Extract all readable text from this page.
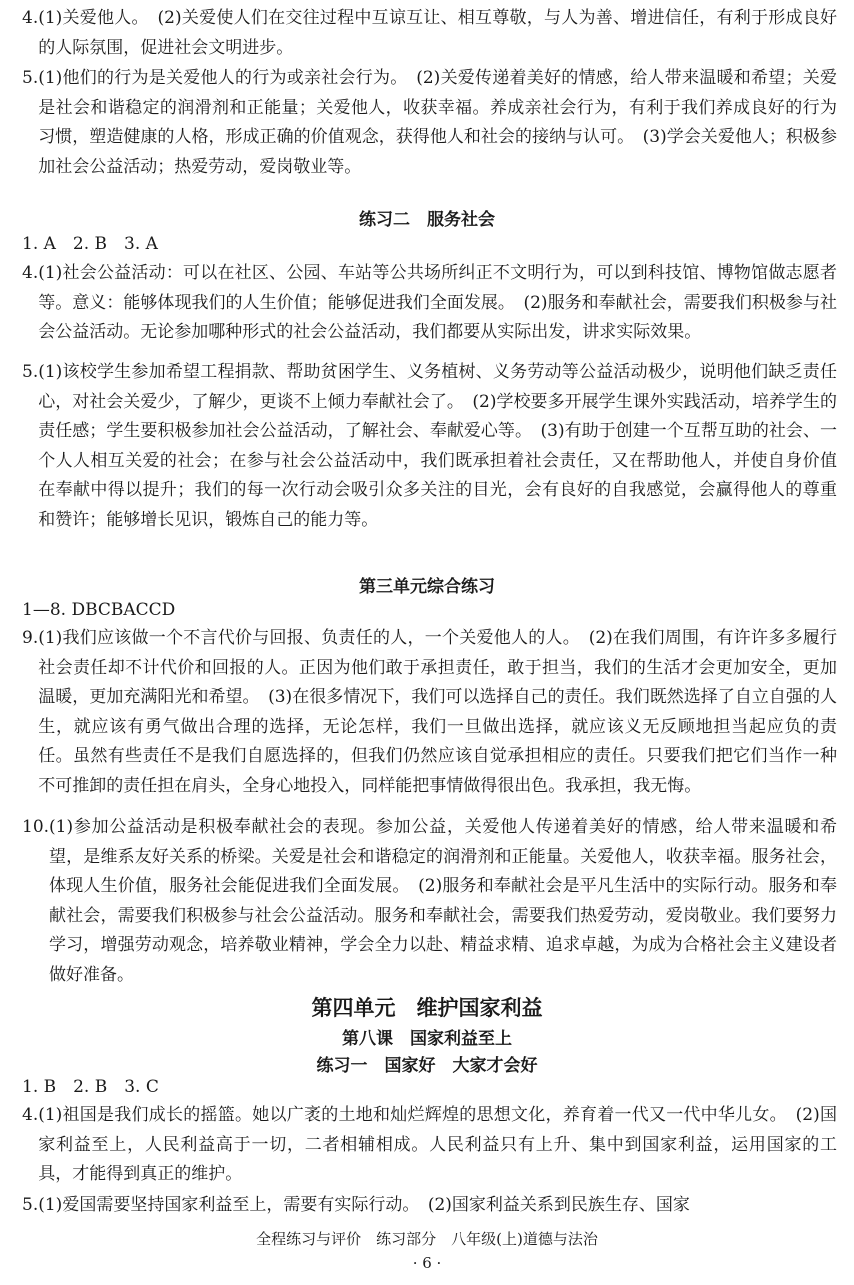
4. (1)关爱他人。　(2)关爱使人们在交往过程中互谅互让、相互尊敬，与人为善、增进信任，有利于形成良好的人际氛围，促进社会文明进步。
5. (1)他们的行为是关爱他人的行为或亲社会行为。　(2)关爱传递着美好的情感，给人带来温暖和希望；关爱是社会和谐稳定的润滑剂和正能量；关爱他人，收获幸福。养成亲社会行为，有利于我们养成良好的行为习惯，塑造健康的人格，形成正确的价值观念，获得他人和社会的接纳与认可。　(3)学会关爱他人；积极参加社会公益活动；热爱劳动，爱岗敬业等。
练习二　服务社会
1. A　2. B　3. A
4. (1)社会公益活动：可以在社区、公园、车站等公共场所纠正不文明行为，可以到科技馆、博物馆做志愿者等。意义：能够体现我们的人生价值；能够促进我们全面发展。　(2)服务和奉献社会，需要我们积极参与社会公益活动。无论参加哪种形式的社会公益活动，我们都要从实际出发，讲求实际效果。
5. (1)该校学生参加希望工程捐款、帮助贫困学生、义务植树、义务劳动等公益活动极少，说明他们缺乏责任心，对社会关爱少，了解少，更谈不上倾力奉献社会了。　(2)学校要多开展学生课外实践活动，培养学生的责任感；学生要积极参加社会公益活动，了解社会、奉献爱心等。　(3)有助于创建一个互帮互助的社会、一个人人相互关爱的社会；在参与社会公益活动中，我们既承担着社会责任，又在帮助他人，并使自身价值在奉献中得以提升；我们的每一次行动会吸引众多关注的目光，会有良好的自我感觉，会赢得他人的尊重和赞许；能够增长见识，锻炼自己的能力等。
第三单元综合练习
1—8. DBCBACCD
9. (1)我们应该做一个不言代价与回报、负责任的人，一个关爱他人的人。　(2)在我们周围，有许许多多履行社会责任却不计代价和回报的人。正因为他们敢于承担责任，敢于担当，我们的生活才会更加安全，更加温暖，更加充满阳光和希望。　(3)在很多情况下，我们可以选择自己的责任。我们既然选择了自立自强的人生，就应该有勇气做出合理的选择，无论怎样，我们一旦做出选择，就应该义无反顾地担当起应负的责任。虽然有些责任不是我们自愿选择的，但我们仍然应该自觉承担相应的责任。只要我们把它们当作一种不可推卸的责任担在肩头，全身心地投入，同样能把事情做得很出色。我承担，我无悔。
10. (1)参加公益活动是积极奉献社会的表现。参加公益，关爱他人传递着美好的情感，给人带来温暖和希望，是维系友好关系的桥梁。关爱是社会和谐稳定的润滑剂和正能量。关爱他人，收获幸福。服务社会，体现人生价值，服务社会能促进我们全面发展。　(2)服务和奉献社会是平凡生活中的实际行动。服务和奉献社会，需要我们积极参与社会公益活动。服务和奉献社会，需要我们热爱劳动，爱岗敬业。我们要努力学习，增强劳动观念，培养敬业精神，学会全力以赴、精益求精、追求卓越，为成为合格社会主义建设者做好准备。
第四单元　维护国家利益
第八课　国家利益至上
练习一　国家好　大家才会好
1. B　2. B　3. C
4. (1)祖国是我们成长的摇篮。她以广袤的土地和灿烂辉煌的思想文化，养育着一代又一代中华儿女。　(2)国家利益至上，人民利益高于一切，二者相辅相成。人民利益只有上升、集中到国家利益，运用国家的工具，才能得到真正的维护。
5. (1)爱国需要坚持国家利益至上，需要有实际行动。　(2)国家利益关系到民族生存、国家
全程练习与评价　练习部分　八年级(上)道德与法治
· 6 ·
